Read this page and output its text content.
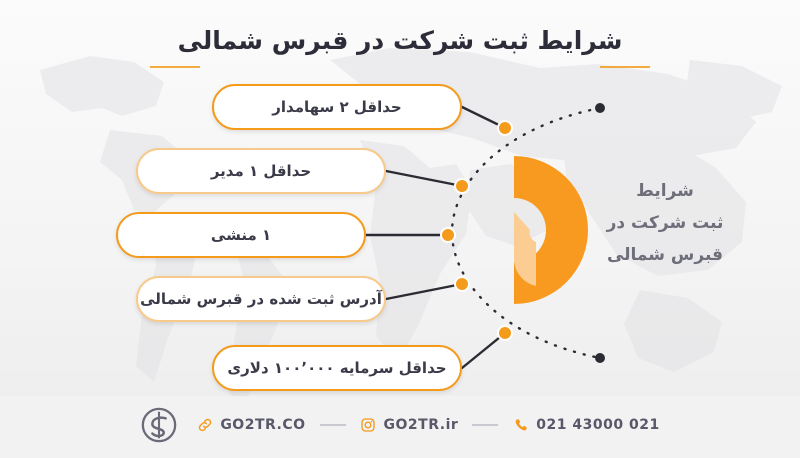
شرایط ثبت شرکت در قبرس شمالی
شرایط
ثبت شرکت در
قبرس شمالی
حداقل ۲ سهامدار
حداقل ۱ مدیر
۱ منشی
آدرس ثبت شده در قبرس شمالی
حداقل سرمایه ۱۰۰٬۰۰۰ دلاری
GO2TR.CO	GO2TR.ir	021 43000 021
